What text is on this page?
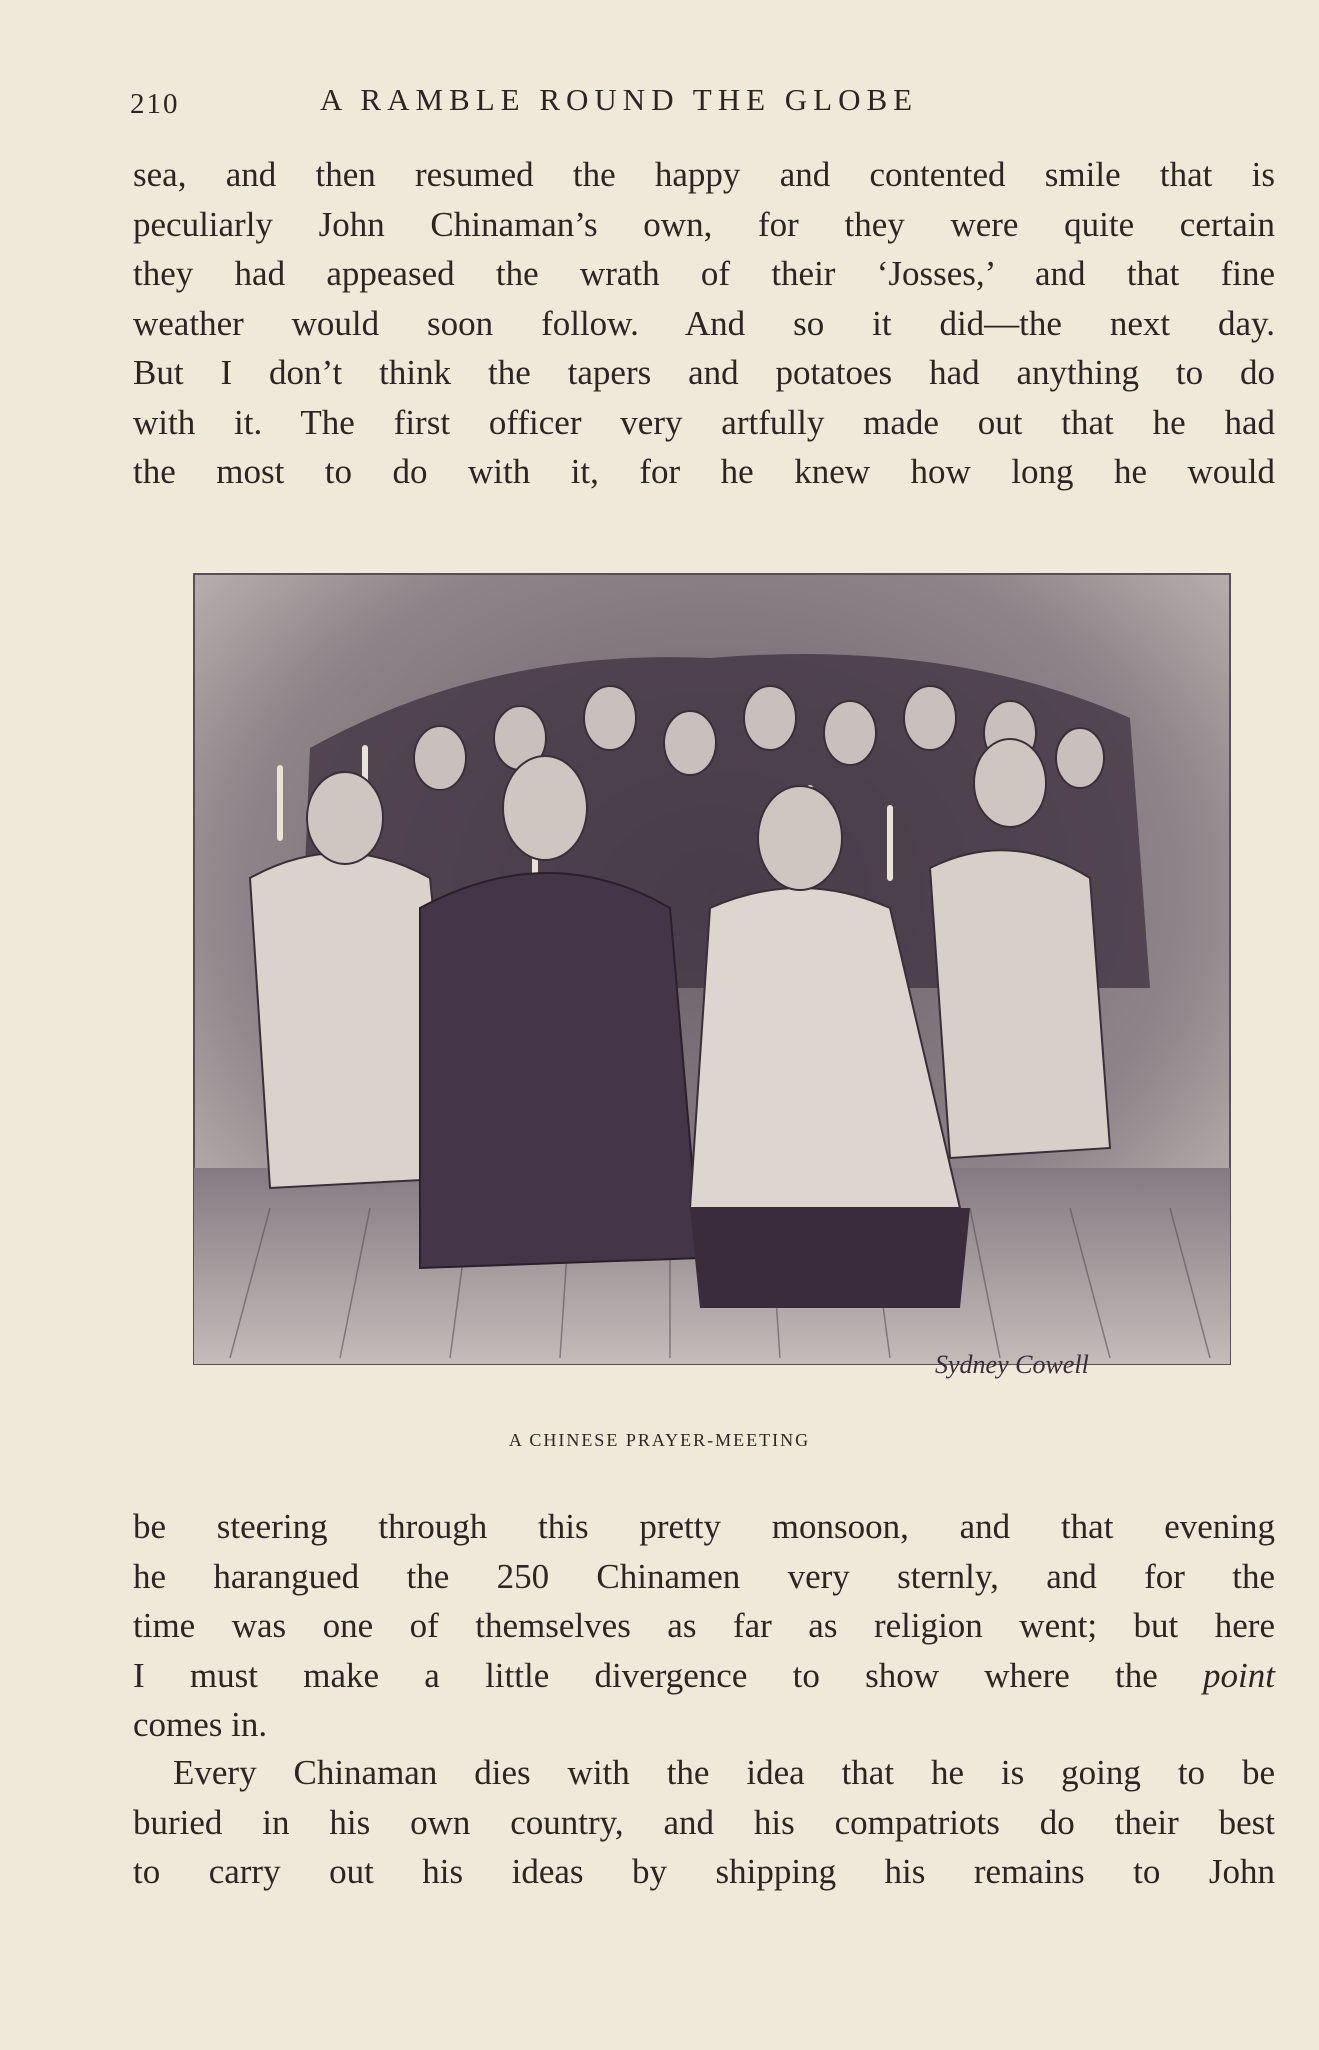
210	A RAMBLE ROUND THE GLOBE
sea, and then resumed the happy and contented smile that is
peculiarly John Chinaman’s own, for they were quite certain
they had appeased the wrath of their ‘Josses,’ and that fine
weather would soon follow. And so it did—the next day.
But I don’t think the tapers and potatoes had anything to do
with it. The first officer very artfully made out that he had
the most to do with it, for he knew how long he would
Sydney Cowell
A CHINESE PRAYER-MEETING
be steering through this pretty monsoon, and that evening
he harangued the 250 Chinamen very sternly, and for the
time was one of themselves as far as religion went; but here
I must make a little divergence to show where the point
comes in.
Every Chinaman dies with the idea that he is going to be
buried in his own country, and his compatriots do their best
to carry out his ideas by shipping his remains to John
